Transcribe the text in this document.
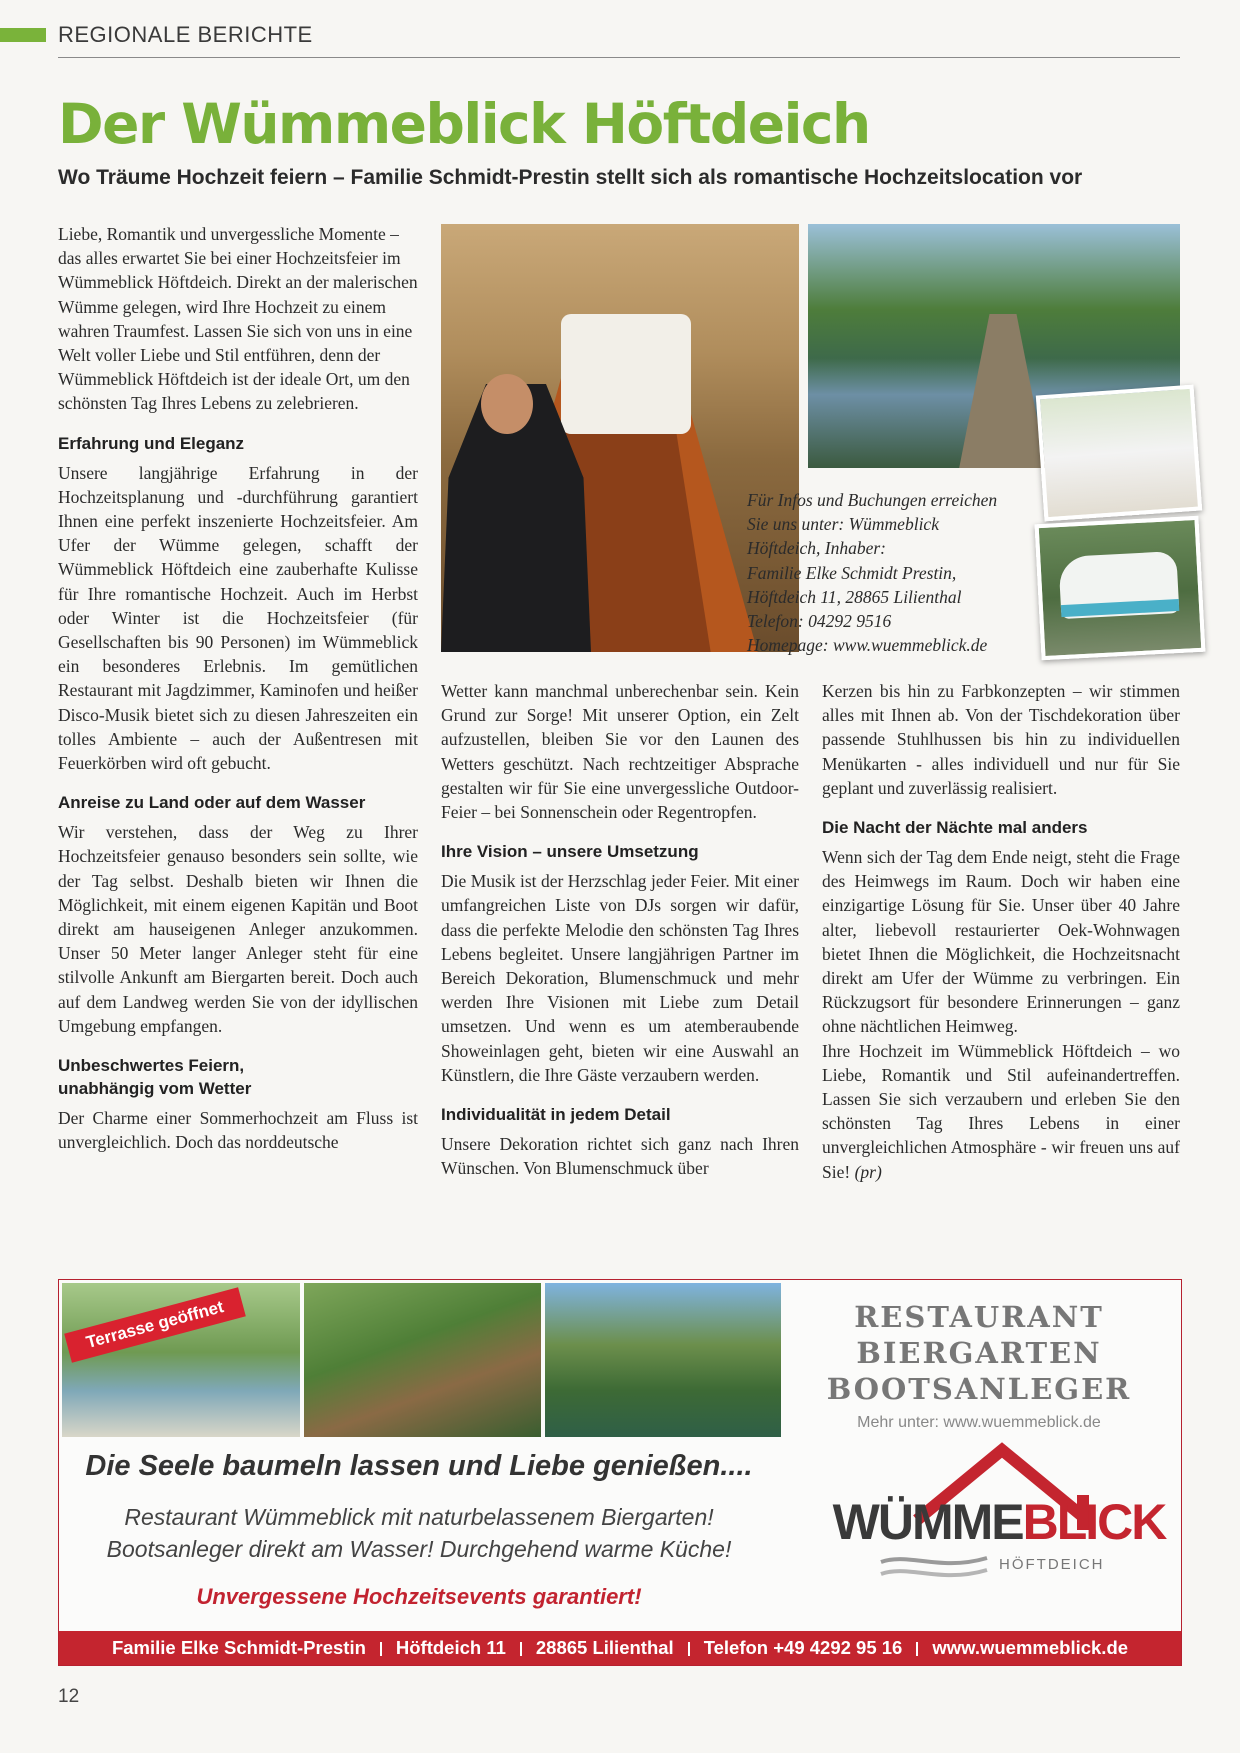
REGIONALE BERICHTE
Der Wümmeblick Höftdeich
Wo Träume Hochzeit feiern – Familie Schmidt-Prestin stellt sich als romantische Hochzeitslocation vor

Liebe, Romantik und unvergessliche Momente – das alles erwartet Sie bei einer Hochzeitsfeier im Wümmeblick Höftdeich. Direkt an der malerischen Wümme gelegen, wird Ihre Hochzeit zu einem wahren Traumfest. Lassen Sie sich von uns in eine Welt voller Liebe und Stil entführen, denn der Wümmeblick Höftdeich ist der ideale Ort, um den schönsten Tag Ihres Lebens zu zelebrieren.

Erfahrung und Eleganz

Unsere langjährige Erfahrung in der Hochzeitsplanung und -durchführung garantiert Ihnen eine perfekt inszenierte Hochzeitsfeier. Am Ufer der Wümme gelegen, schafft der Wümmeblick Höftdeich eine zauberhafte Kulisse für Ihre romantische Hochzeit. Auch im Herbst oder Winter ist die Hochzeitsfeier (für Gesellschaften bis 90 Personen) im Wümmeblick ein besonderes Erlebnis. Im gemütlichen Restaurant mit Jagdzimmer, Kaminofen und heißer Disco-Musik bietet sich zu diesen Jahreszeiten ein tolles Ambiente – auch der Außentresen mit Feuerkörben wird oft gebucht.

Anreise zu Land oder auf dem Wasser

Wir verstehen, dass der Weg zu Ihrer Hochzeitsfeier genauso besonders sein sollte, wie der Tag selbst. Deshalb bieten wir Ihnen die Möglichkeit, mit einem eigenen Kapitän und Boot direkt am hauseigenen Anleger anzukommen. Unser 50 Meter langer Anleger steht für eine stilvolle Ankunft am Biergarten bereit. Doch auch auf dem Landweg werden Sie von der idyllischen Umgebung empfangen.

Unbeschwertes Feiern,
unabhängig vom Wetter

Der Charme einer Sommerhochzeit am Fluss ist unvergleichlich. Doch das norddeutsche

Für Infos und Buchungen erreichen
Sie uns unter: Wümmeblick
Höftdeich, Inhaber:
Familie Elke Schmidt Prestin,
Höftdeich 11, 28865 Lilienthal
Telefon: 04292 9516
Homepage: www.wuemmeblick.de

Wetter kann manchmal unberechenbar sein. Kein Grund zur Sorge! Mit unserer Option, ein Zelt aufzustellen, bleiben Sie vor den Launen des Wetters geschützt. Nach rechtzeitiger Absprache gestalten wir für Sie eine unvergessliche Outdoor-Feier – bei Sonnenschein oder Regentropfen.

Ihre Vision – unsere Umsetzung

Die Musik ist der Herzschlag jeder Feier. Mit einer umfangreichen Liste von DJs sorgen wir dafür, dass die perfekte Melodie den schönsten Tag Ihres Lebens begleitet. Unsere langjährigen Partner im Bereich Dekoration, Blumenschmuck und mehr werden Ihre Visionen mit Liebe zum Detail umsetzen. Und wenn es um atemberaubende Showeinlagen geht, bieten wir eine Auswahl an Künstlern, die Ihre Gäste verzaubern werden.

Individualität in jedem Detail

Unsere Dekoration richtet sich ganz nach Ihren Wünschen. Von Blumenschmuck über

Kerzen bis hin zu Farbkonzepten – wir stimmen alles mit Ihnen ab. Von der Tischdekoration über passende Stuhlhussen bis hin zu individuellen Menükarten - alles individuell und nur für Sie geplant und zuverlässig realisiert.

Die Nacht der Nächte mal anders

Wenn sich der Tag dem Ende neigt, steht die Frage des Heimwegs im Raum. Doch wir haben eine einzigartige Lösung für Sie. Unser über 40 Jahre alter, liebevoll restaurierter Oek-Wohnwagen bietet Ihnen die Möglichkeit, die Hochzeitsnacht direkt am Ufer der Wümme zu verbringen. Ein Rückzugsort für besondere Erinnerungen – ganz ohne nächtlichen Heimweg.

Ihre Hochzeit im Wümmeblick Höftdeich – wo Liebe, Romantik und Stil aufeinandertreffen. Lassen Sie sich verzaubern und erleben Sie den schönsten Tag Ihres Lebens in einer unvergleichlichen Atmosphäre - wir freuen uns auf Sie! (pr)

Terrasse geöffnet	RESTAURANT
BIERGARTEN
BOOTSANLEGER
Mehr unter: www.wuemmeblick.de
Die Seele baumeln lassen und Liebe genießen....
Restaurant Wümmeblick mit naturbelassenem Biergarten!
Bootsanleger direkt am Wasser! Durchgehend warme Küche!
Unvergessene Hochzeitsevents garantiert!
WÜMMEBLICK
HÖFTDEICH
Familie Elke Schmidt-Prestin Höftdeich 11 28865 Lilienthal Telefon +49 4292 95 16 www.wuemmeblick.de
12
